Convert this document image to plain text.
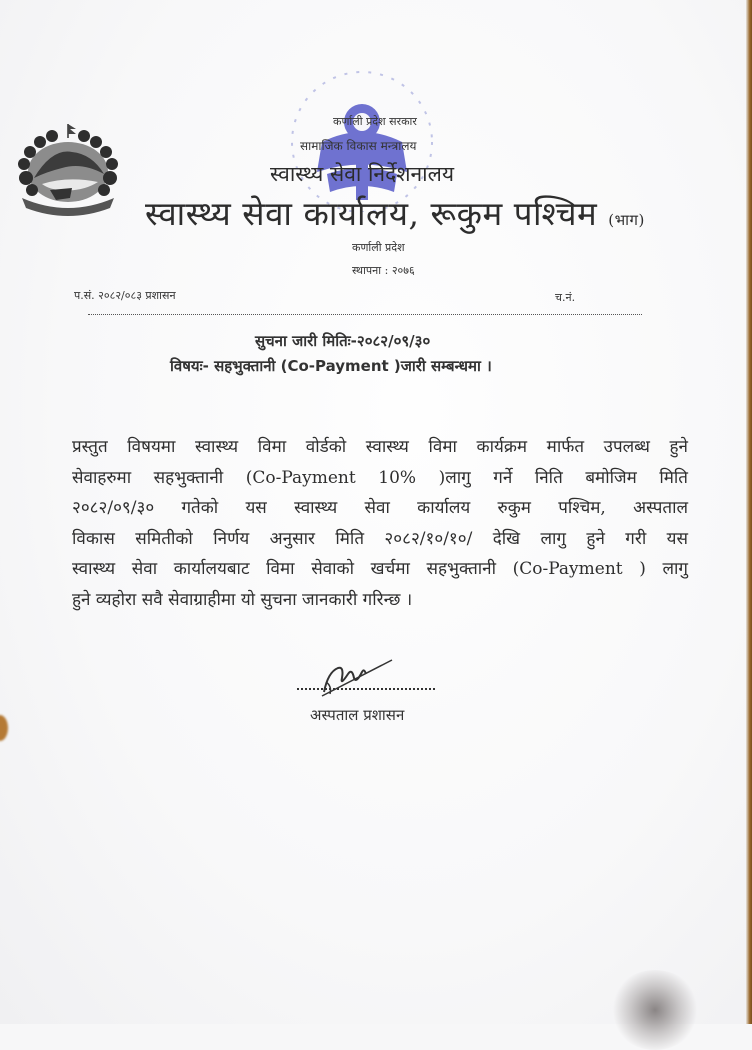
कर्णाली प्रदेश सरकार
सामाजिक विकास मन्त्रालय
स्वास्थ्य सेवा निर्देशनालय
स्वास्थ्य सेवा कार्यालय, रूकुम पश्चिम (भाग)
कर्णाली प्रदेश
स्थापना : २०७६
प.सं. २०८२/०८३ प्रशासन	च.नं.
सुचना जारी मितिः-२०८२/०९/३०
विषयः- सहभुक्तानी (Co-Payment )जारी सम्बन्धमा ।
प्रस्तुत विषयमा स्वास्थ्य विमा वोर्डको स्वास्थ्य विमा कार्यक्रम मार्फत उपलब्ध हुने
सेवाहरुमा सहभुक्तानी (Co-Payment 10% )लागु गर्ने निति बमोजिम मिति
२०८२/०९/३० गतेको यस स्वास्थ्य सेवा कार्यालय रुकुम पश्चिम, अस्पताल
विकास समितीको निर्णय अनुसार मिति २०८२/१०/१०/ देखि लागु हुने गरी यस
स्वास्थ्य सेवा कार्यालयबाट विमा सेवाको खर्चमा सहभुक्तानी (Co-Payment ) लागु
हुने व्यहोरा सवै सेवाग्राहीमा यो सुचना जानकारी गरिन्छ ।
अस्पताल प्रशासन
